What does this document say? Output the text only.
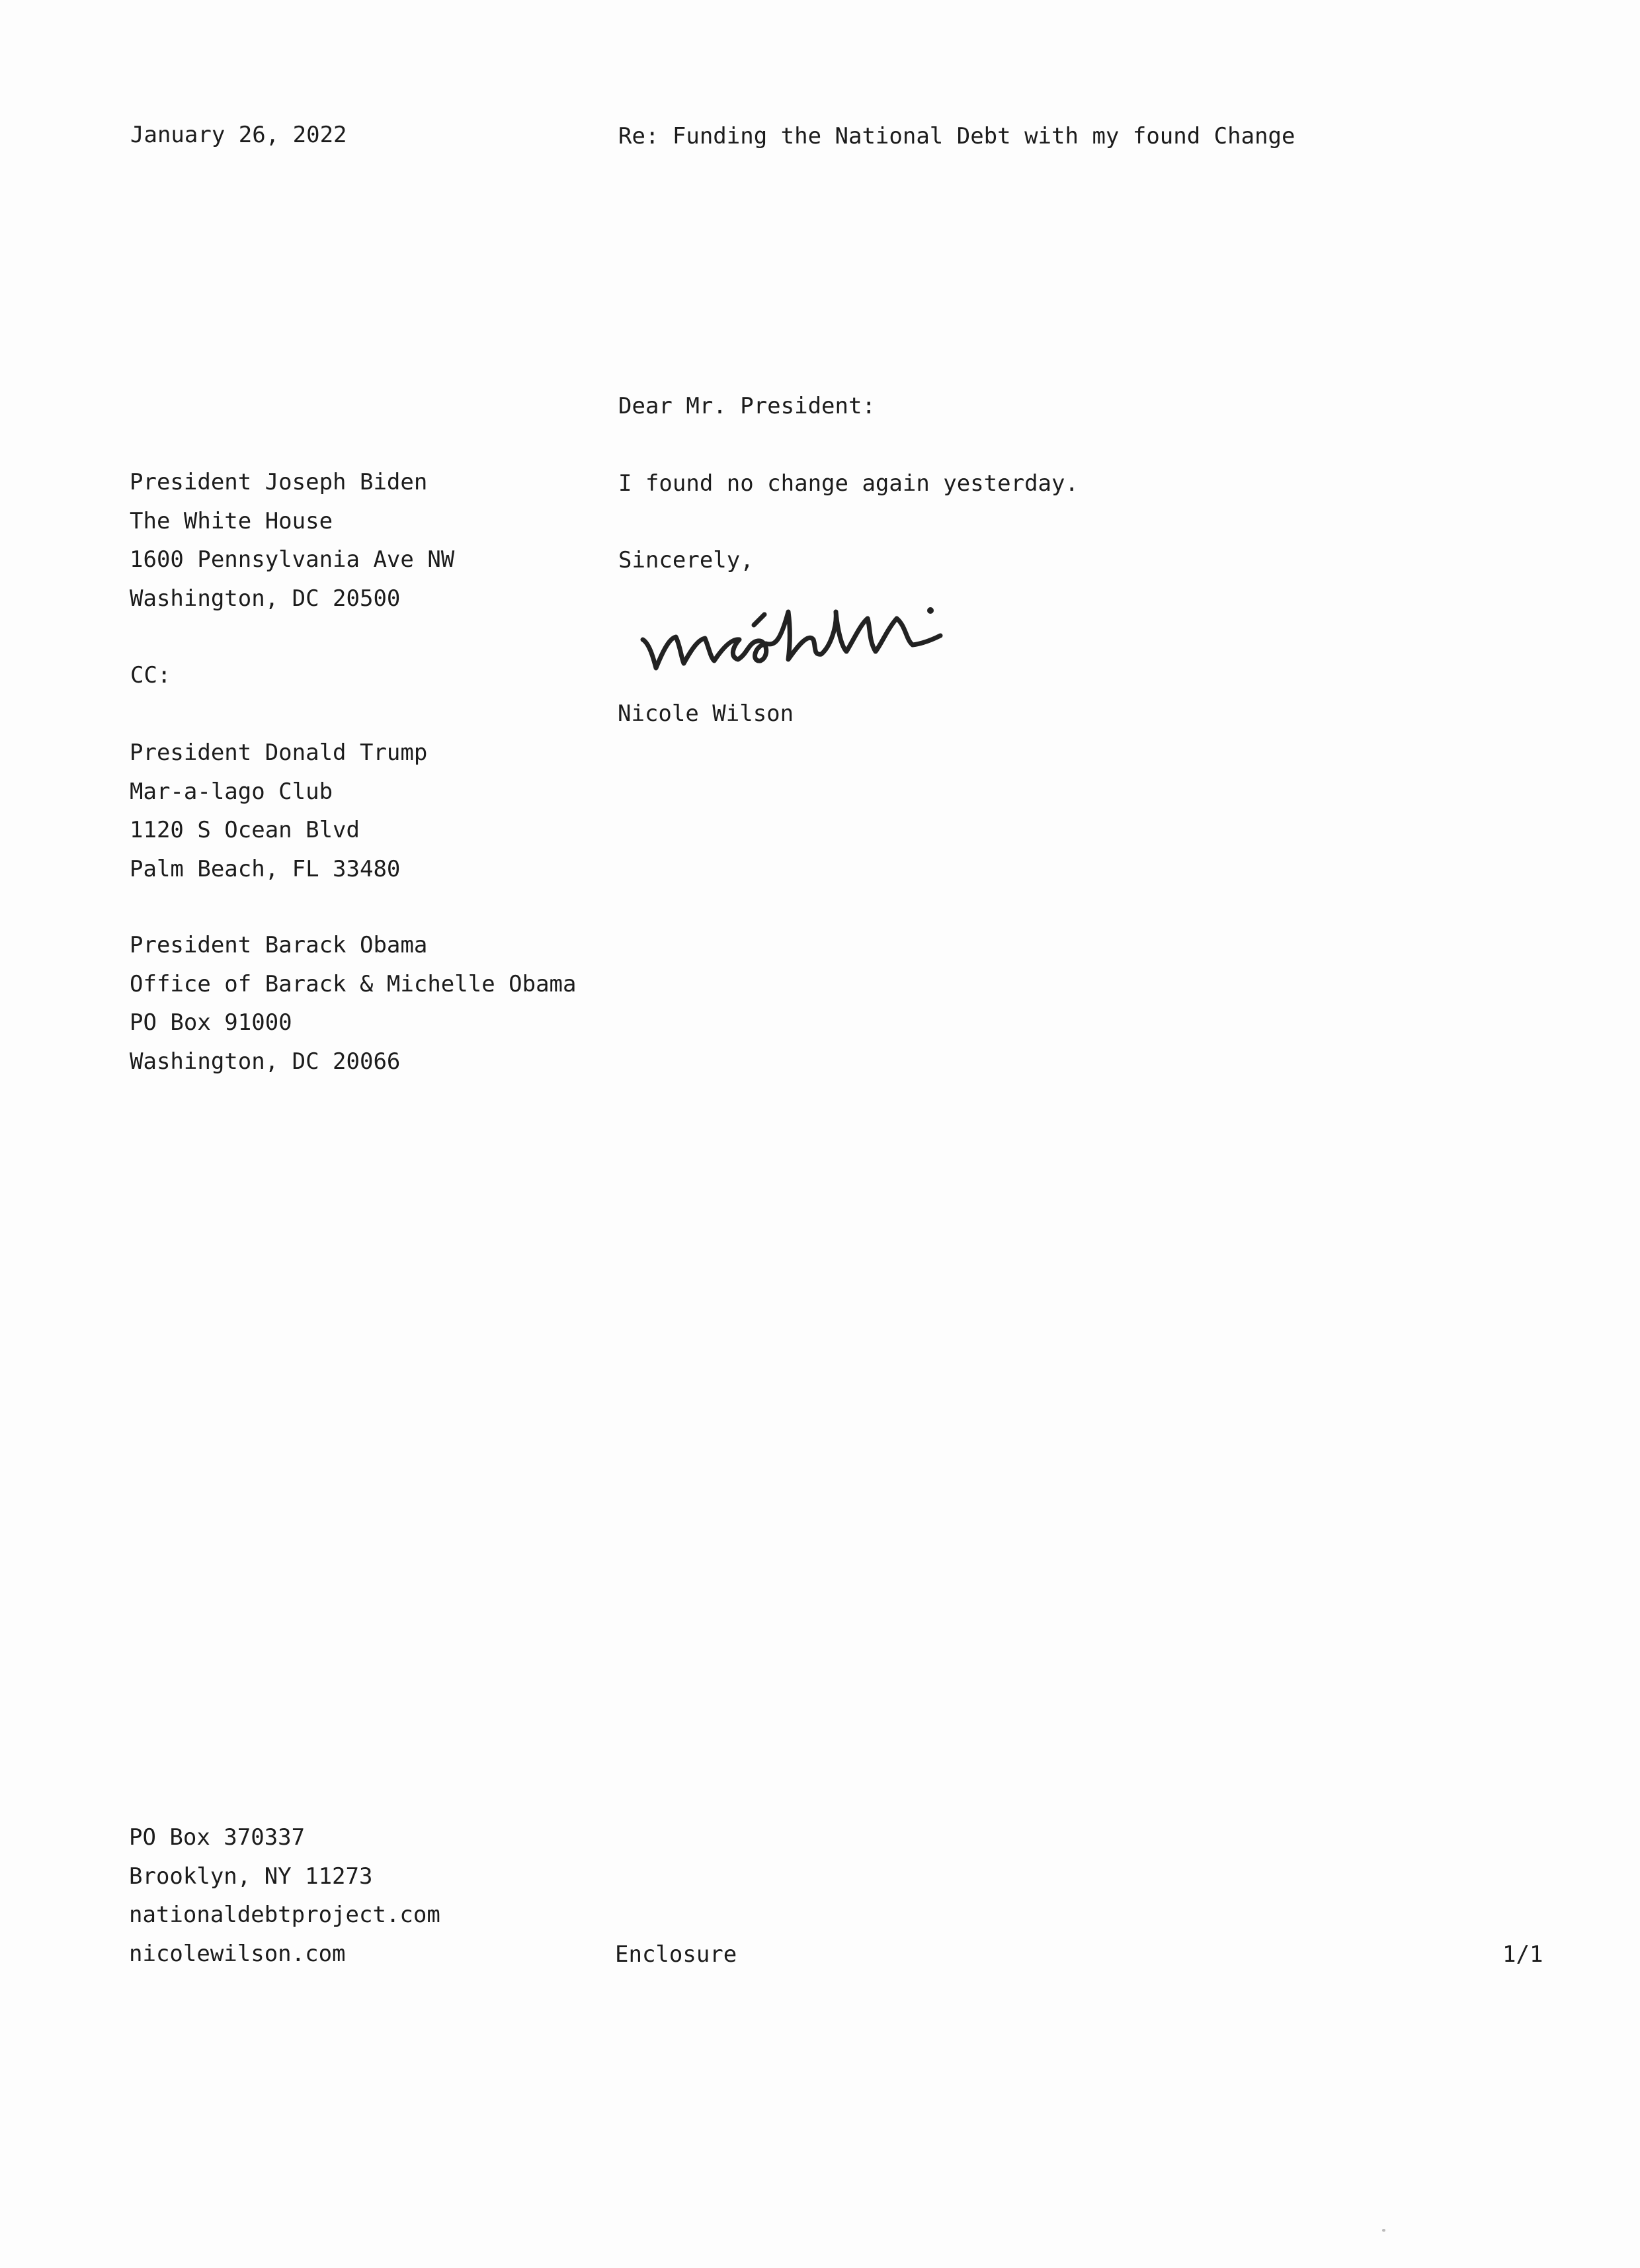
January 26, 2022	Re: Funding the National Debt with my found Change
Dear Mr. President:
President Joseph Biden
The White House
1600 Pennsylvania Ave NW
Washington, DC 20500
I found no change again yesterday.
Sincerely,
Nicole Wilson
CC:
President Donald Trump
Mar-a-lago Club
1120 S Ocean Blvd
Palm Beach, FL 33480
President Barack Obama
Office of Barack & Michelle Obama
PO Box 91000
Washington, DC 20066
PO Box 370337
Brooklyn, NY 11273
nationaldebtproject.com
nicolewilson.com	Enclosure	1/1
